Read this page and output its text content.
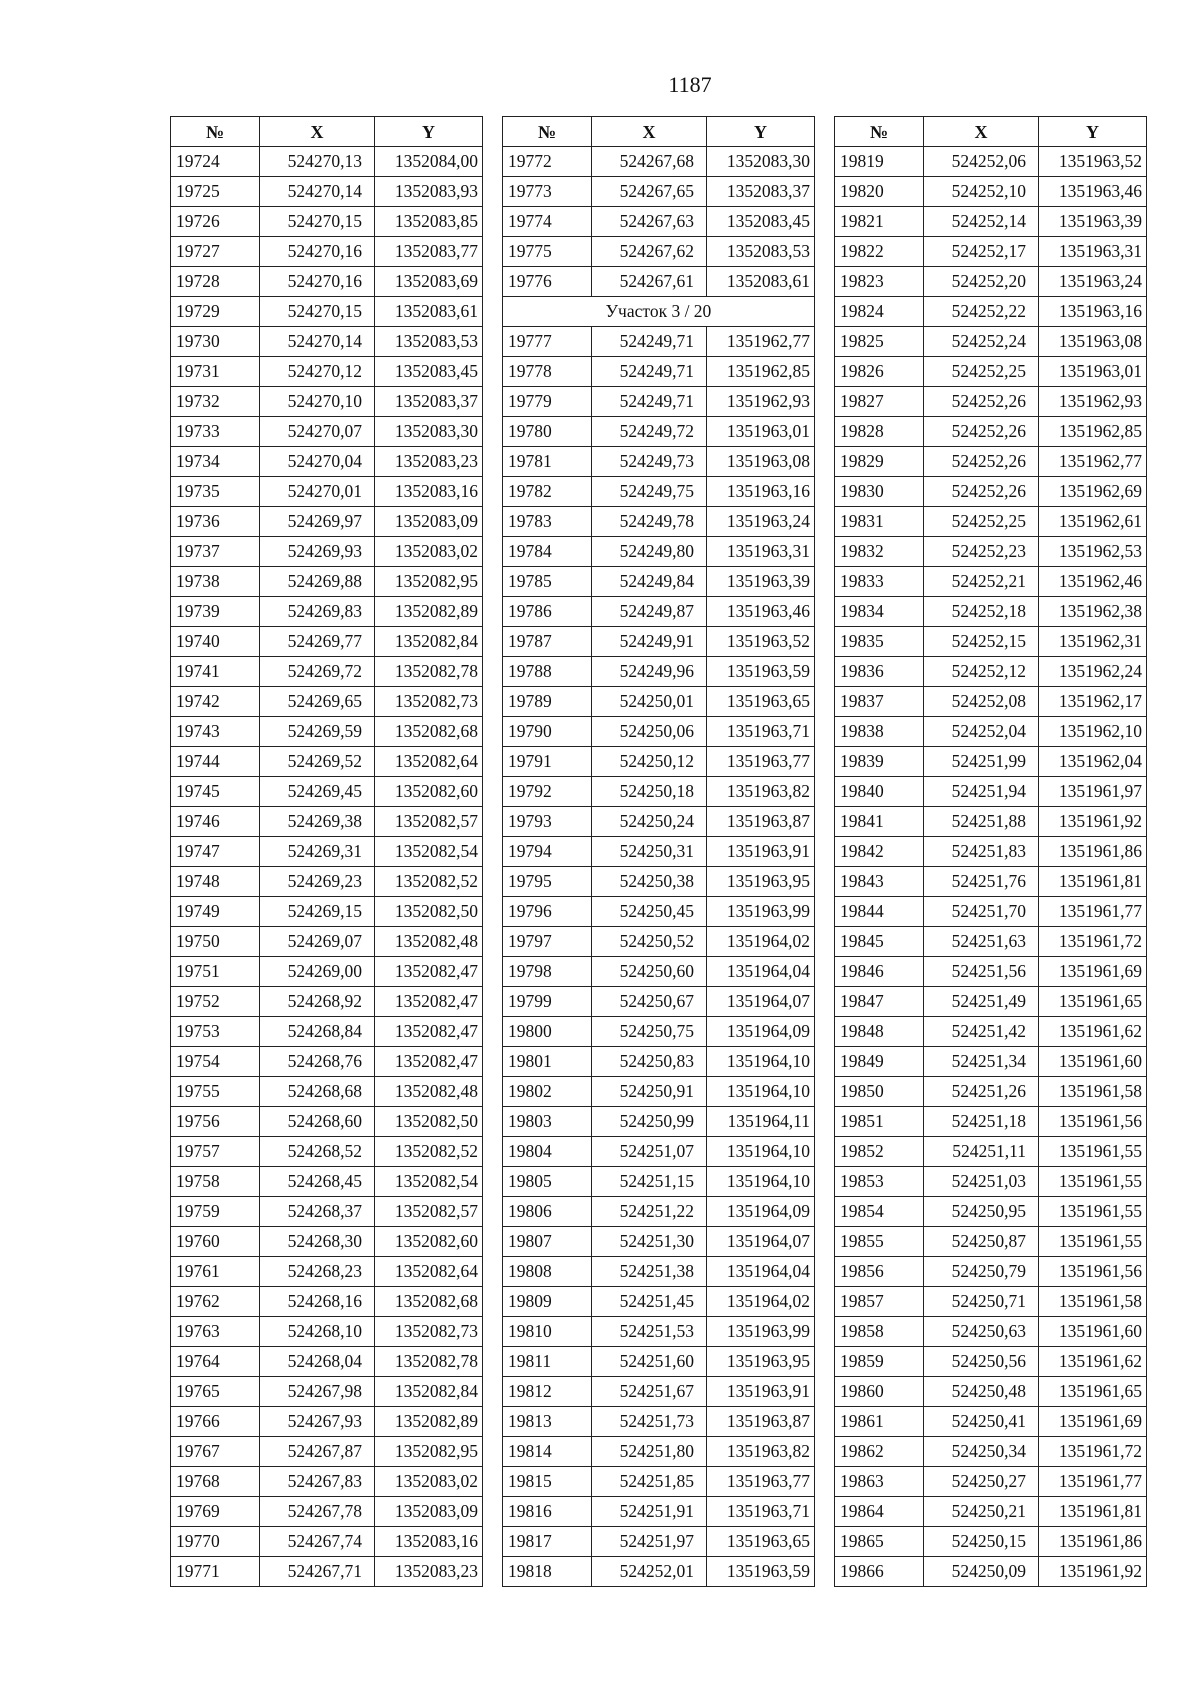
1187
№	X	Y
19724	524270,13	1352084,00
19725	524270,14	1352083,93
19726	524270,15	1352083,85
19727	524270,16	1352083,77
19728	524270,16	1352083,69
19729	524270,15	1352083,61
19730	524270,14	1352083,53
19731	524270,12	1352083,45
19732	524270,10	1352083,37
19733	524270,07	1352083,30
19734	524270,04	1352083,23
19735	524270,01	1352083,16
19736	524269,97	1352083,09
19737	524269,93	1352083,02
19738	524269,88	1352082,95
19739	524269,83	1352082,89
19740	524269,77	1352082,84
19741	524269,72	1352082,78
19742	524269,65	1352082,73
19743	524269,59	1352082,68
19744	524269,52	1352082,64
19745	524269,45	1352082,60
19746	524269,38	1352082,57
19747	524269,31	1352082,54
19748	524269,23	1352082,52
19749	524269,15	1352082,50
19750	524269,07	1352082,48
19751	524269,00	1352082,47
19752	524268,92	1352082,47
19753	524268,84	1352082,47
19754	524268,76	1352082,47
19755	524268,68	1352082,48
19756	524268,60	1352082,50
19757	524268,52	1352082,52
19758	524268,45	1352082,54
19759	524268,37	1352082,57
19760	524268,30	1352082,60
19761	524268,23	1352082,64
19762	524268,16	1352082,68
19763	524268,10	1352082,73
19764	524268,04	1352082,78
19765	524267,98	1352082,84
19766	524267,93	1352082,89
19767	524267,87	1352082,95
19768	524267,83	1352083,02
19769	524267,78	1352083,09
19770	524267,74	1352083,16
19771	524267,71	1352083,23
№	X	Y
19772	524267,68	1352083,30
19773	524267,65	1352083,37
19774	524267,63	1352083,45
19775	524267,62	1352083,53
19776	524267,61	1352083,61
Участок 3 / 20		
19777	524249,71	1351962,77
19778	524249,71	1351962,85
19779	524249,71	1351962,93
19780	524249,72	1351963,01
19781	524249,73	1351963,08
19782	524249,75	1351963,16
19783	524249,78	1351963,24
19784	524249,80	1351963,31
19785	524249,84	1351963,39
19786	524249,87	1351963,46
19787	524249,91	1351963,52
19788	524249,96	1351963,59
19789	524250,01	1351963,65
19790	524250,06	1351963,71
19791	524250,12	1351963,77
19792	524250,18	1351963,82
19793	524250,24	1351963,87
19794	524250,31	1351963,91
19795	524250,38	1351963,95
19796	524250,45	1351963,99
19797	524250,52	1351964,02
19798	524250,60	1351964,04
19799	524250,67	1351964,07
19800	524250,75	1351964,09
19801	524250,83	1351964,10
19802	524250,91	1351964,10
19803	524250,99	1351964,11
19804	524251,07	1351964,10
19805	524251,15	1351964,10
19806	524251,22	1351964,09
19807	524251,30	1351964,07
19808	524251,38	1351964,04
19809	524251,45	1351964,02
19810	524251,53	1351963,99
19811	524251,60	1351963,95
19812	524251,67	1351963,91
19813	524251,73	1351963,87
19814	524251,80	1351963,82
19815	524251,85	1351963,77
19816	524251,91	1351963,71
19817	524251,97	1351963,65
19818	524252,01	1351963,59
№	X	Y
19819	524252,06	1351963,52
19820	524252,10	1351963,46
19821	524252,14	1351963,39
19822	524252,17	1351963,31
19823	524252,20	1351963,24
19824	524252,22	1351963,16
19825	524252,24	1351963,08
19826	524252,25	1351963,01
19827	524252,26	1351962,93
19828	524252,26	1351962,85
19829	524252,26	1351962,77
19830	524252,26	1351962,69
19831	524252,25	1351962,61
19832	524252,23	1351962,53
19833	524252,21	1351962,46
19834	524252,18	1351962,38
19835	524252,15	1351962,31
19836	524252,12	1351962,24
19837	524252,08	1351962,17
19838	524252,04	1351962,10
19839	524251,99	1351962,04
19840	524251,94	1351961,97
19841	524251,88	1351961,92
19842	524251,83	1351961,86
19843	524251,76	1351961,81
19844	524251,70	1351961,77
19845	524251,63	1351961,72
19846	524251,56	1351961,69
19847	524251,49	1351961,65
19848	524251,42	1351961,62
19849	524251,34	1351961,60
19850	524251,26	1351961,58
19851	524251,18	1351961,56
19852	524251,11	1351961,55
19853	524251,03	1351961,55
19854	524250,95	1351961,55
19855	524250,87	1351961,55
19856	524250,79	1351961,56
19857	524250,71	1351961,58
19858	524250,63	1351961,60
19859	524250,56	1351961,62
19860	524250,48	1351961,65
19861	524250,41	1351961,69
19862	524250,34	1351961,72
19863	524250,27	1351961,77
19864	524250,21	1351961,81
19865	524250,15	1351961,86
19866	524250,09	1351961,92
